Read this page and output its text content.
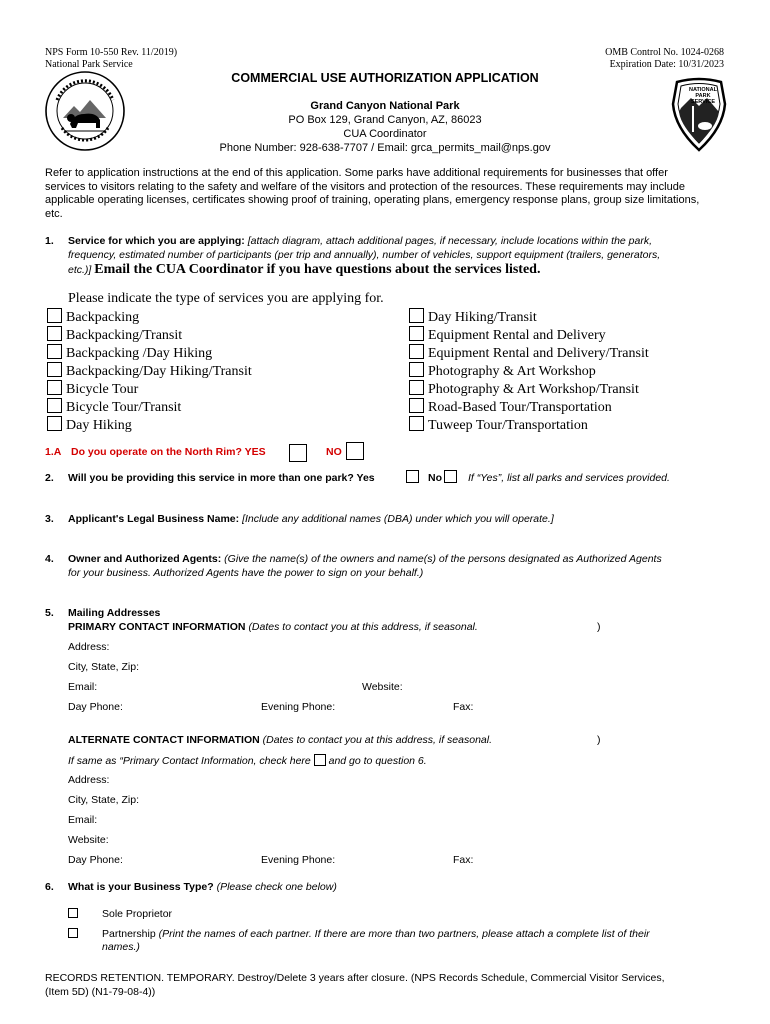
NPS Form 10-550 Rev. 11/2019)
National Park Service
OMB Control No. 1024-0268
Expiration Date: 10/31/2023
NATIONAL
PARK
SERVICE
COMMERCIAL USE AUTHORIZATION APPLICATION
Grand Canyon National Park
PO Box 129, Grand Canyon, AZ, 86023
CUA Coordinator
Phone Number: 928-638-7707 / Email: grca_permits_mail@nps.gov
Refer to application instructions at the end of this application. Some parks have additional requirements for businesses that offer
services to visitors relating to the safety and welfare of the visitors and protection of the resources. These requirements may include
applicable operating licenses, certificates showing proof of training, operating plans, emergency response plans, group size limitations,
etc.
1. Service for which you are applying: [attach diagram, attach additional pages, if necessary, include locations within the park,
frequency, estimated number of participants (per trip and annually), number of vehicles, support equipment (trailers, generators,
etc.)] Email the CUA Coordinator if you have questions about the services listed.
Please indicate the type of services you are applying for.
Backpacking
Backpacking/Transit
Backpacking /Day Hiking
Backpacking/Day Hiking/Transit
Bicycle Tour
Bicycle Tour/Transit
Day Hiking
Day Hiking/Transit
Equipment Rental and Delivery
Equipment Rental and Delivery/Transit
Photography & Art Workshop
Photography & Art Workshop/Transit
Road-Based Tour/Transportation
Tuweep Tour/Transportation
1.A Do you operate on the North Rim? YES	NO
2. Will you be providing this service in more than one park? Yes	No If “Yes”, list all parks and services provided.
3. Applicant's Legal Business Name: [Include any additional names (DBA) under which you will operate.]
4. Owner and Authorized Agents: (Give the name(s) of the owners and name(s) of the persons designated as Authorized Agents
for your business. Authorized Agents have the power to sign on your behalf.)
5. Mailing Addresses
PRIMARY CONTACT INFORMATION (Dates to contact you at this address, if seasonal.	)
Address:
City, State, Zip:
Email:	Website:
Day Phone:	Evening Phone:	Fax:
ALTERNATE CONTACT INFORMATION (Dates to contact you at this address, if seasonal.	)
If same as “Primary Contact Information, check here and go to question 6.
Address:
City, State, Zip:
Email:
Website:
Day Phone:	Evening Phone:	Fax:
6. What is your Business Type? (Please check one below)
Sole Proprietor
Partnership (Print the names of each partner. If there are more than two partners, please attach a complete list of their
names.)
RECORDS RETENTION. TEMPORARY. Destroy/Delete 3 years after closure. (NPS Records Schedule, Commercial Visitor Services,
(Item 5D) (N1-79-08-4))
